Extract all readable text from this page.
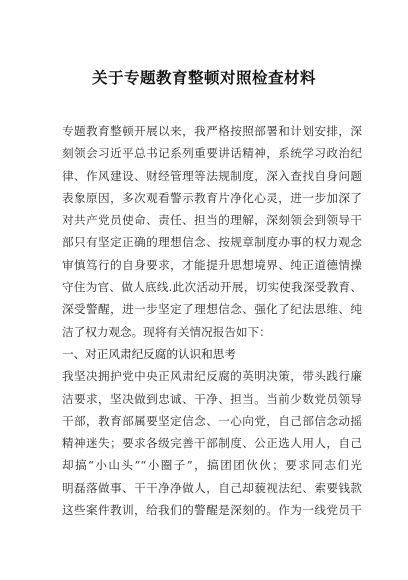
关于专题教育整顿对照检查材料
专题教育整顿开展以来，我严格按照部署和计划安排，深
刻领会习近平总书记系列重要讲话精神，系统学习政治纪
律、作风建设、财经管理等法规制度，深入查找自身问题
表象原因，多次观看警示教育片净化心灵，进一步加深了
对共产党员使命、责任、担当的理解，深刻领会到领导干
部只有坚定正确的理想信念、按规章制度办事的权力观念
审慎笃行的自身要求，才能提升思想境界、纯正道德情操
守住为官、做人底线.此次活动开展，切实使我深受教育、
深受警醒，进一步坚定了理想信念、强化了纪法思维、纯
洁了权力观念。现将有关情况报告如下：
一、对正风肃纪反腐的认识和思考
我坚决拥护党中央正风肃纪反腐的英明决策，带头践行廉
洁要求，坚决做到忠诚、干净、担当。当前少数党员领导
干部，教育部属要坚定信念、一心向党，自己部信念动摇
精神迷失；要求各级完善干部制度、公正选人用人，自己
却搞“小山头”“小圈子”，搞团团伙伙；要求同志们光
明磊落做事、干干净净做人，自己却藐视法纪、索要钱款
这些案件教训，给我们的警醒是深刻的。作为一线党员干
